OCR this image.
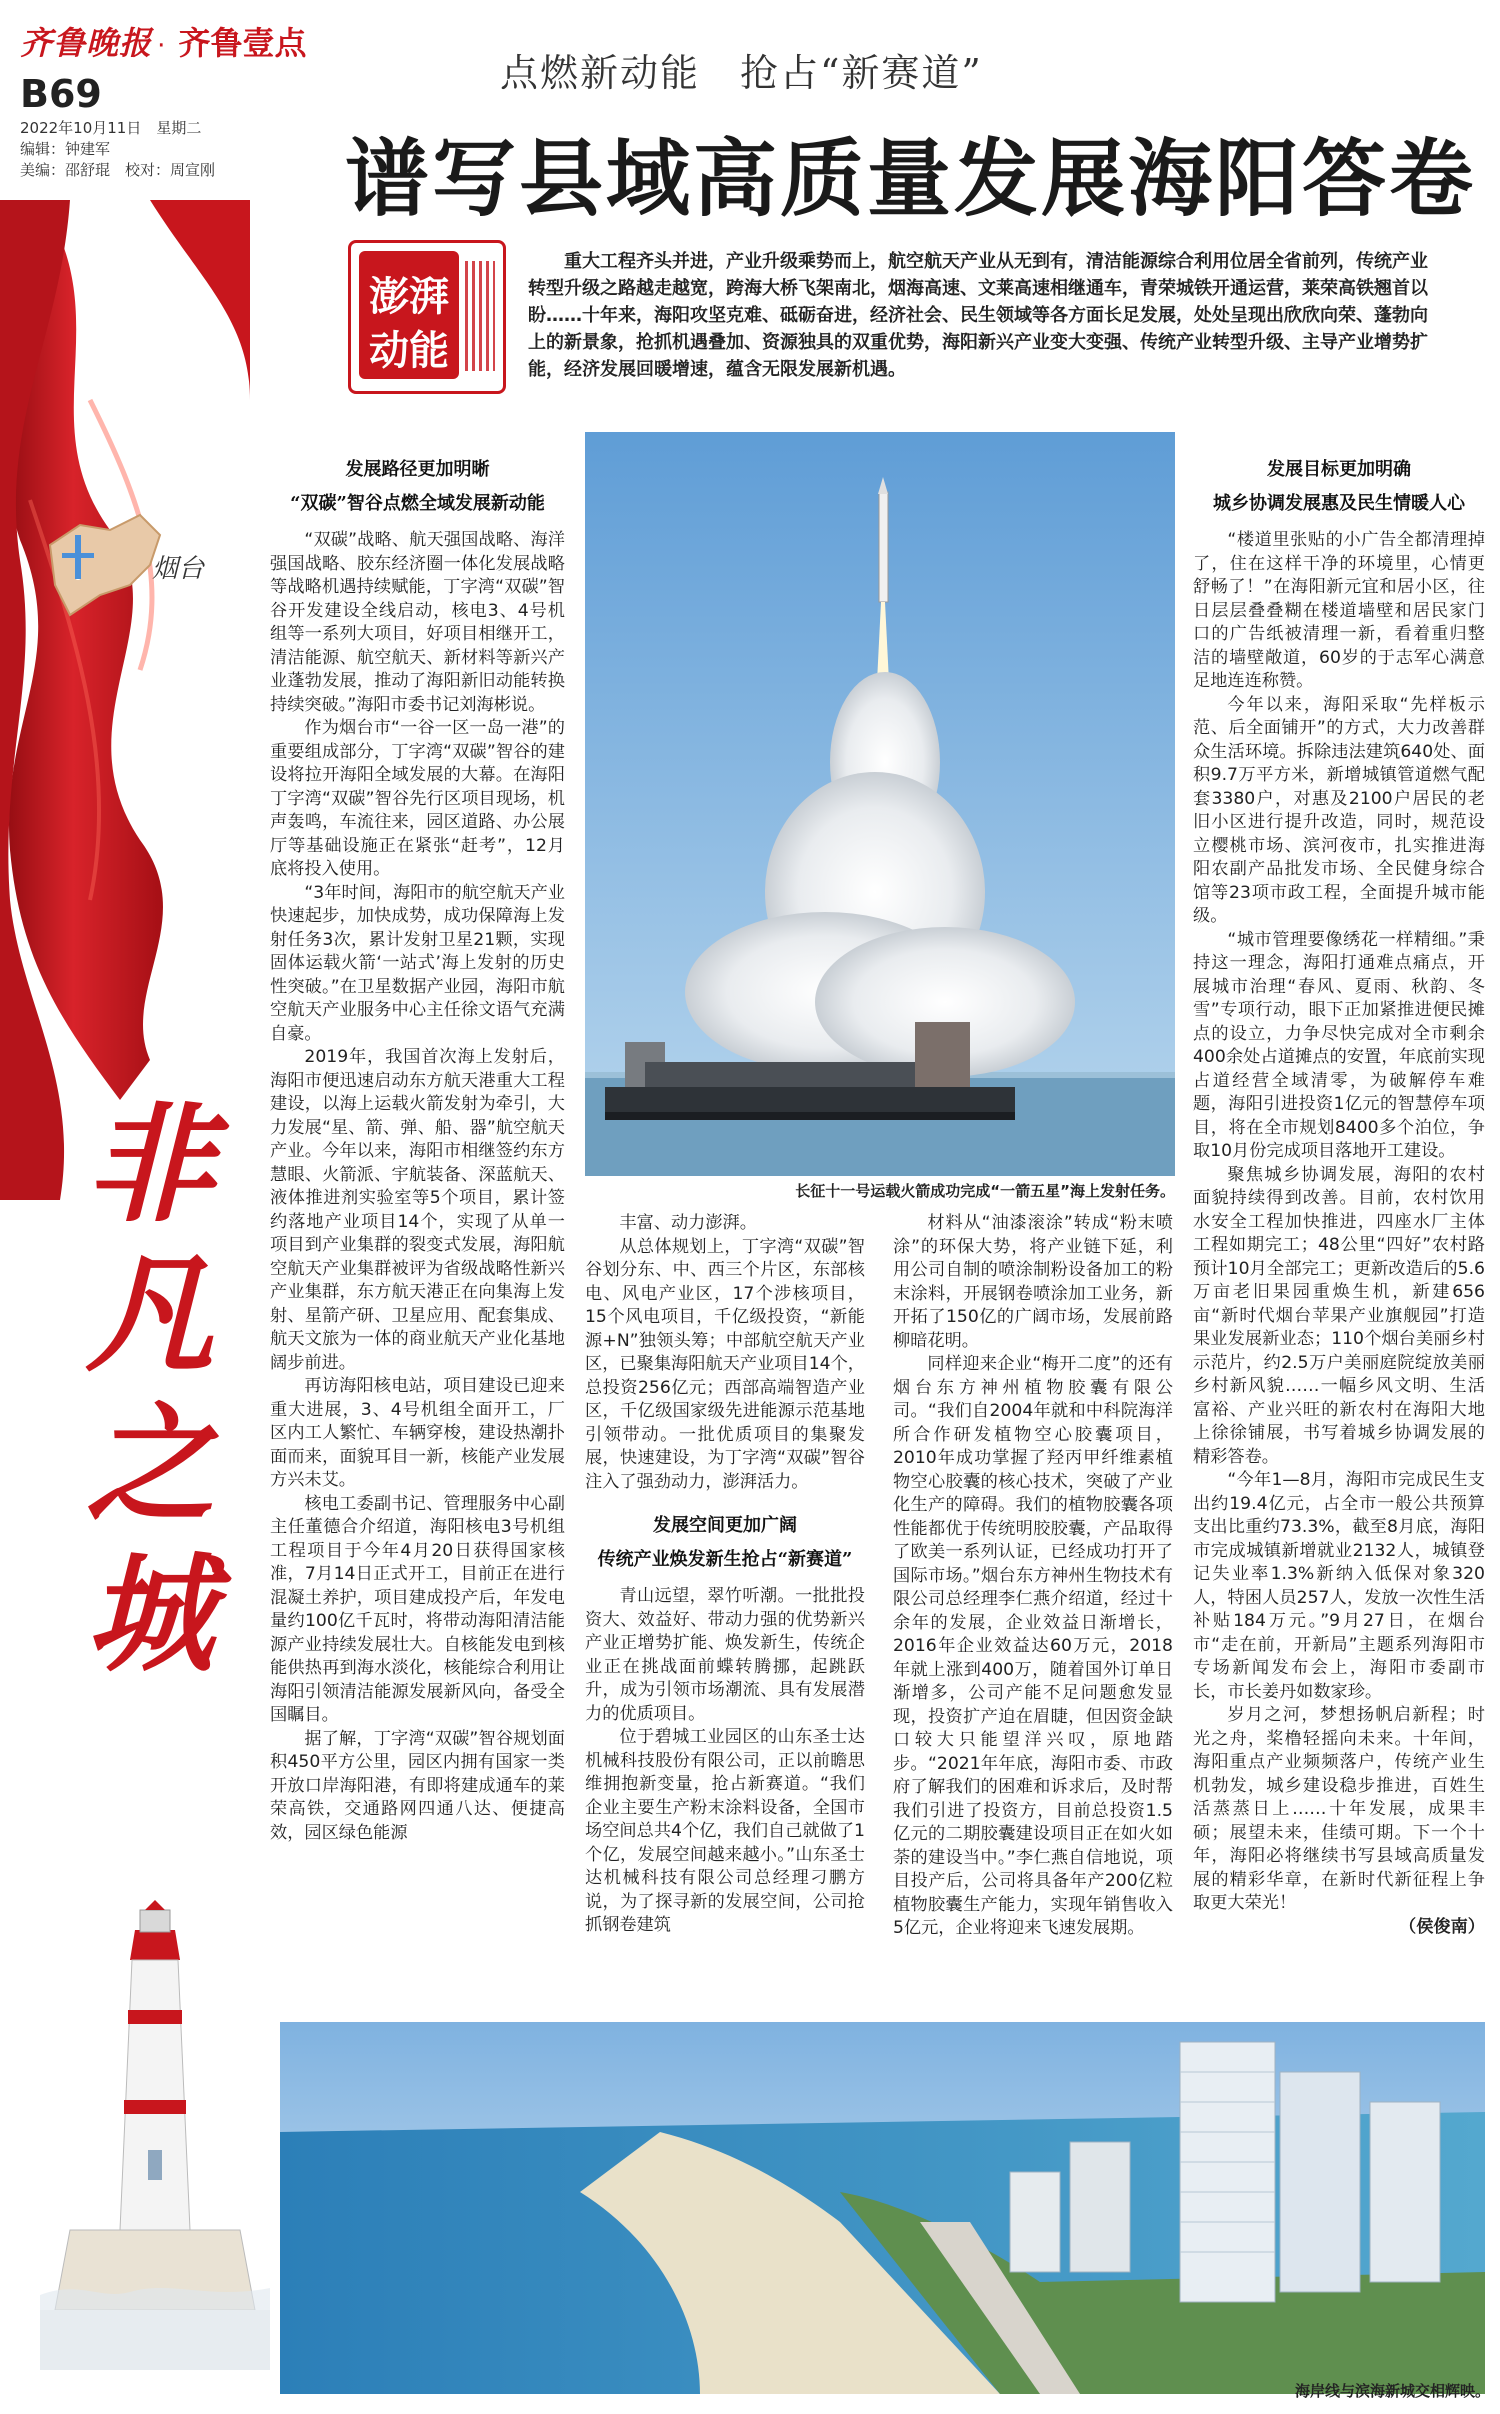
齐鲁晚报 · 齐鲁壹点
B69
2022年10月11日　星期二
编辑：钟建军
美编：邵舒琨　校对：周宣刚
烟台
非
凡
之
城
点燃新动能　抢占“新赛道”
谱写县域高质量发展海阳答卷
澎湃
动能
重大工程齐头并进，产业升级乘势而上，航空航天产业从无到有，清洁能源综合利用位居全省前列，传统产业转型升级之路越走越宽，跨海大桥飞架南北，烟海高速、文莱高速相继通车，青荣城铁开通运营，莱荣高铁翘首以盼……十年来，海阳攻坚克难、砥砺奋进，经济社会、民生领域等各方面长足发展，处处呈现出欣欣向荣、蓬勃向上的新景象，抢抓机遇叠加、资源独具的双重优势，海阳新兴产业变大变强、传统产业转型升级、主导产业增势扩能，经济发展回暖增速，蕴含无限发展新机遇。
发展路径更加明晰
“双碳”智谷点燃全域发展新动能

“双碳”战略、航天强国战略、海洋强国战略、胶东经济圈一体化发展战略等战略机遇持续赋能，丁字湾“双碳”智谷开发建设全线启动，核电3、4号机组等一系列大项目，好项目相继开工，清洁能源、航空航天、新材料等新兴产业蓬勃发展，推动了海阳新旧动能转换持续突破。”海阳市委书记刘海彬说。

作为烟台市“一谷一区一岛一港”的重要组成部分，丁字湾“双碳”智谷的建设将拉开海阳全域发展的大幕。在海阳丁字湾“双碳”智谷先行区项目现场，机声轰鸣，车流往来，园区道路、办公展厅等基础设施正在紧张“赶考”，12月底将投入使用。

“3年时间，海阳市的航空航天产业快速起步，加快成势，成功保障海上发射任务3次，累计发射卫星21颗，实现固体运载火箭‘一站式’海上发射的历史性突破。”在卫星数据产业园，海阳市航空航天产业服务中心主任徐文语气充满自豪。

2019年，我国首次海上发射后，海阳市便迅速启动东方航天港重大工程建设，以海上运载火箭发射为牵引，大力发展“星、箭、弹、船、器”航空航天产业。今年以来，海阳市相继签约东方慧眼、火箭派、宇航装备、深蓝航天、液体推进剂实验室等5个项目，累计签约落地产业项目14个，实现了从单一项目到产业集群的裂变式发展，海阳航空航天产业集群被评为省级战略性新兴产业集群，东方航天港正在向集海上发射、星箭产研、卫星应用、配套集成、航天文旅为一体的商业航天产业化基地阔步前进。

再访海阳核电站，项目建设已迎来重大进展，3、4号机组全面开工，厂区内工人繁忙、车辆穿梭，建设热潮扑面而来，面貌耳目一新，核能产业发展方兴未艾。

核电工委副书记、管理服务中心副主任董德合介绍道，海阳核电3号机组工程项目于今年4月20日获得国家核准，7月14日正式开工，目前正在进行混凝土养护，项目建成投产后，年发电量约100亿千瓦时，将带动海阳清洁能源产业持续发展壮大。自核能发电到核能供热再到海水淡化，核能综合利用让海阳引领清洁能源发展新风向，备受全国瞩目。

据了解，丁字湾“双碳”智谷规划面积450平方公里，园区内拥有国家一类开放口岸海阳港，有即将建成通车的莱荣高铁，交通路网四通八达、便捷高效，园区绿色能源

长征十一号运载火箭成功完成“一箭五星”海上发射任务。

丰富、动力澎湃。

从总体规划上，丁字湾“双碳”智谷划分东、中、西三个片区，东部核电、风电产业区，17个涉核项目，15个风电项目，千亿级投资，“新能源+N”独领头筹；中部航空航天产业区，已聚集海阳航天产业项目14个，总投资256亿元；西部高端智造产业区，千亿级国家级先进能源示范基地引领带动。一批优质项目的集聚发展，快速建设，为丁字湾“双碳”智谷注入了强劲动力，澎湃活力。

发展空间更加广阔
传统产业焕发新生抢占“新赛道”

青山远望，翠竹听潮。一批批投资大、效益好、带动力强的优势新兴产业正增势扩能、焕发新生，传统企业正在挑战面前蝶转腾挪，起跳跃升，成为引领市场潮流、具有发展潜力的优质项目。

位于碧城工业园区的山东圣士达机械科技股份有限公司，正以前瞻思维拥抱新变量，抢占新赛道。“我们企业主要生产粉末涂料设备，全国市场空间总共4个亿，我们自己就做了1个亿，发展空间越来越小。”山东圣士达机械科技有限公司总经理刁鹏方说，为了探寻新的发展空间，公司抢抓钢卷建筑

材料从“油漆滚涂”转成“粉末喷涂”的环保大势，将产业链下延，利用公司自制的喷涂制粉设备加工的粉末涂料，开展钢卷喷涂加工业务，新开拓了150亿的广阔市场，发展前路柳暗花明。

同样迎来企业“梅开二度”的还有烟台东方神州植物胶囊有限公司。“我们自2004年就和中科院海洋所合作研发植物空心胶囊项目，2010年成功掌握了羟丙甲纤维素植物空心胶囊的核心技术，突破了产业化生产的障碍。我们的植物胶囊各项性能都优于传统明胶胶囊，产品取得了欧美一系列认证，已经成功打开了国际市场。”烟台东方神州生物技术有限公司总经理李仁燕介绍道，经过十余年的发展，企业效益日渐增长，2016年企业效益达60万元，2018年就上涨到400万，随着国外订单日渐增多，公司产能不足问题愈发显现，投资扩产迫在眉睫，但因资金缺口较大只能望洋兴叹，原地踏步。“2021年年底，海阳市委、市政府了解我们的困难和诉求后，及时帮我们引进了投资方，目前总投资1.5亿元的二期胶囊建设项目正在如火如荼的建设当中。”李仁燕自信地说，项目投产后，公司将具备年产200亿粒植物胶囊生产能力，实现年销售收入5亿元，企业将迎来飞速发展期。

发展目标更加明确
城乡协调发展惠及民生情暖人心

“楼道里张贴的小广告全都清理掉了，住在这样干净的环境里，心情更舒畅了！”在海阳新元宜和居小区，往日层层叠叠糊在楼道墙壁和居民家门口的广告纸被清理一新，看着重归整洁的墙壁敞道，60岁的于志军心满意足地连连称赞。

今年以来，海阳采取“先样板示范、后全面铺开”的方式，大力改善群众生活环境。拆除违法建筑640处、面积9.7万平方米，新增城镇管道燃气配套3380户，对惠及2100户居民的老旧小区进行提升改造，同时，规范设立樱桃市场、滨河夜市，扎实推进海阳农副产品批发市场、全民健身综合馆等23项市政工程，全面提升城市能级。

“城市管理要像绣花一样精细。”秉持这一理念，海阳打通难点痛点，开展城市治理“春风、夏雨、秋韵、冬雪”专项行动，眼下正加紧推进便民摊点的设立，力争尽快完成对全市剩余400余处占道摊点的安置，年底前实现占道经营全域清零，为破解停车难题，海阳引进投资1亿元的智慧停车项目，将在全市规划8400多个泊位，争取10月份完成项目落地开工建设。

聚焦城乡协调发展，海阳的农村面貌持续得到改善。目前，农村饮用水安全工程加快推进，四座水厂主体工程如期完工；48公里“四好”农村路预计10月全部完工；更新改造后的5.6万亩老旧果园重焕生机，新建656亩“新时代烟台苹果产业旗舰园”打造果业发展新业态；110个烟台美丽乡村示范片，约2.5万户美丽庭院绽放美丽乡村新风貌……一幅乡风文明、生活富裕、产业兴旺的新农村在海阳大地上徐徐铺展，书写着城乡协调发展的精彩答卷。

“今年1—8月，海阳市完成民生支出约19.4亿元，占全市一般公共预算支出比重约73.3%，截至8月底，海阳市完成城镇新增就业2132人，城镇登记失业率1.3%新纳入低保对象320人，特困人员257人，发放一次性生活补贴184万元。”9月27日，在烟台市“走在前，开新局”主题系列海阳市专场新闻发布会上，海阳市委副市长，市长姜丹如数家珍。

岁月之河，梦想扬帆启新程；时光之舟，桨橹轻摇向未来。十年间，海阳重点产业频频落户，传统产业生机勃发，城乡建设稳步推进，百姓生活蒸蒸日上……十年发展，成果丰硕；展望未来，佳绩可期。下一个十年，海阳必将继续书写县域高质量发展的精彩华章，在新时代新征程上争取更大荣光！

（侯俊南）
海岸线与滨海新城交相辉映。
